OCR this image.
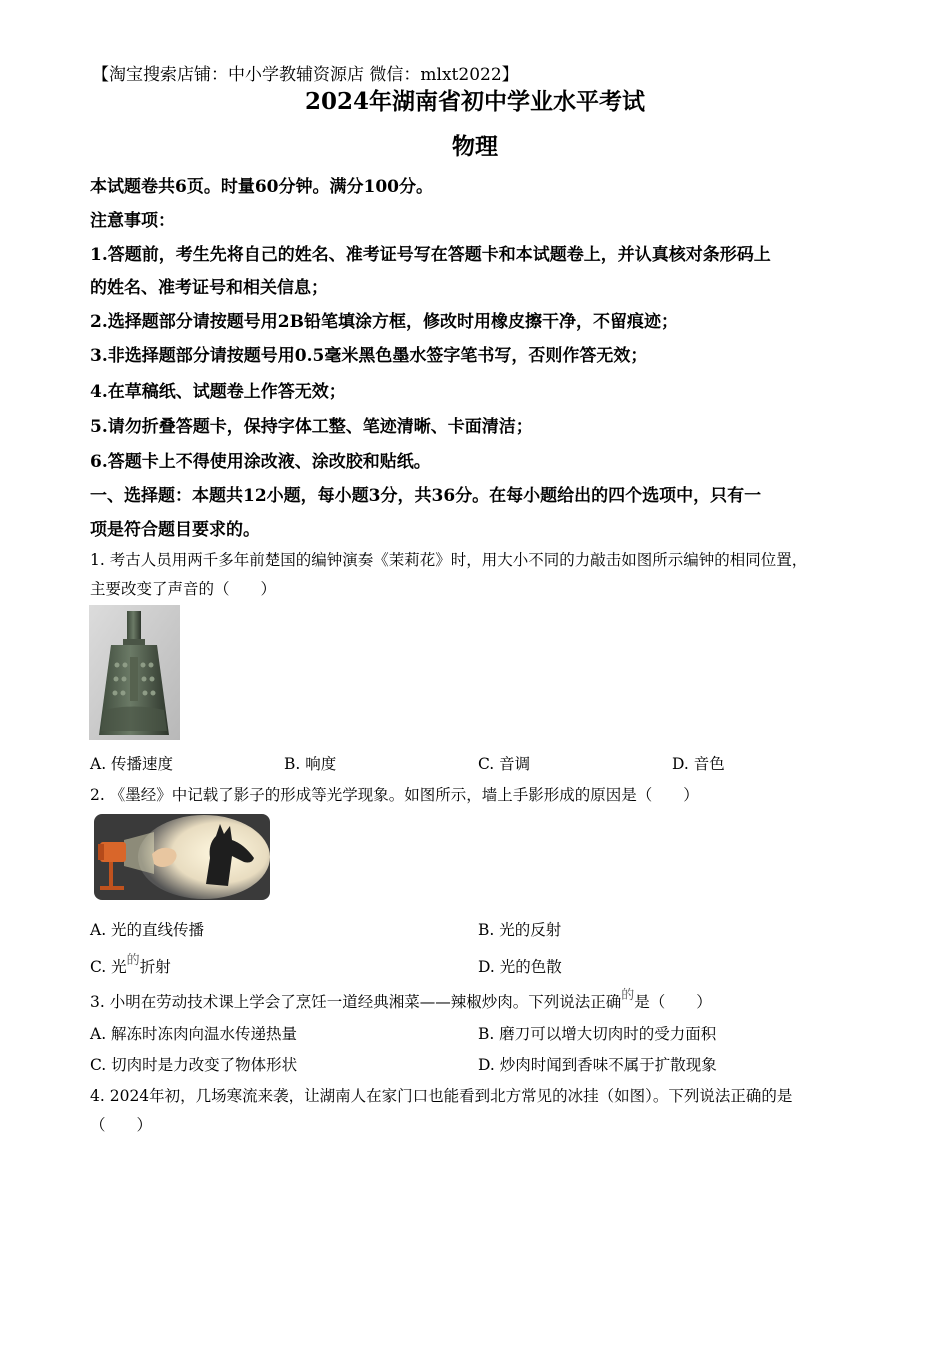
【淘宝搜索店铺：中小学教辅资源店 微信：mlxt2022】
2024年湖南省初中学业水平考试
物理
本试题卷共6页。时量60分钟。满分100分。
注意事项：
1.答题前，考生先将自己的姓名、准考证号写在答题卡和本试题卷上，并认真核对条形码上
的姓名、准考证号和相关信息；
2.选择题部分请按题号用2B铅笔填涂方框，修改时用橡皮擦干净，不留痕迹；
3.非选择题部分请按题号用0.5毫米黑色墨水签字笔书写，否则作答无效；
4.在草稿纸、试题卷上作答无效；
5.请勿折叠答题卡，保持字体工整、笔迹清晰、卡面清洁；
6.答题卡上不得使用涂改液、涂改胶和贴纸。
一、选择题：本题共12小题，每小题3分，共36分。在每小题给出的四个选项中，只有一
项是符合题目要求的。
1. 考古人员用两千多年前楚国的编钟演奏《茉莉花》时，用大小不同的力敲击如图所示编钟的相同位置，
主要改变了声音的（　　）
A. 传播速度	B. 响度	C. 音调	D. 音色
2. 《墨经》中记载了影子的形成等光学现象。如图所示，墙上手影形成的原因是（　　）
A. 光的直线传播	B. 光的反射
C. 光$^的$折射	D. 光的色散
3. 小明在劳动技术课上学会了烹饪一道经典湘菜——辣椒炒肉。下列说法正确$^的$是（　　）
A. 解冻时冻肉向温水传递热量	B. 磨刀可以增大切肉时的受力面积
C. 切肉时是力改变了物体形状	D. 炒肉时闻到香味不属于扩散现象
4. 2024年初，几场寒流来袭，让湖南人在家门口也能看到北方常见的冰挂（如图）。下列说法正确的是
（　　）
